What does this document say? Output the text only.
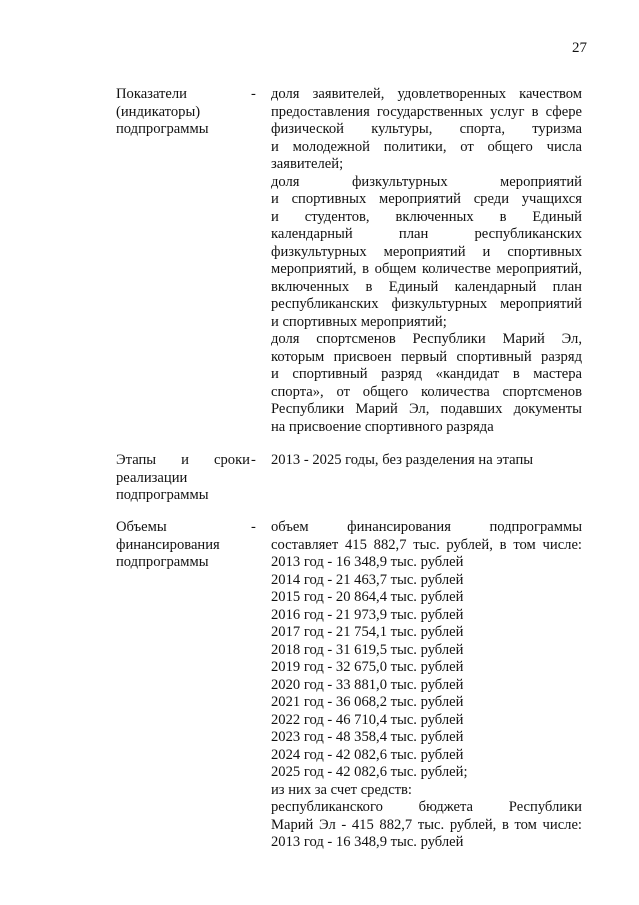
27
Показатели
(индикаторы)
подпрограммы
- доля заявителей, удовлетворенных качеством
предоставления государственных услуг в сфере
физической культуры, спорта, туризма
и молодежной политики, от общего числа
заявителей;
доля физкультурных мероприятий
и спортивных мероприятий среди учащихся
и студентов, включенных в Единый
календарный план республиканских
физкультурных мероприятий и спортивных
мероприятий, в общем количестве мероприятий,
включенных в Единый календарный план
республиканских физкультурных мероприятий
и спортивных мероприятий;
доля спортсменов Республики Марий Эл,
которым присвоен первый спортивный разряд
и спортивный разряд «кандидат в мастера
спорта», от общего количества спортсменов
Республики Марий Эл, подавших документы
на присвоение спортивного разряда
Этапы и сроки
реализации
подпрограммы
- 2013 - 2025 годы, без разделения на этапы
Объемы
финансирования
подпрограммы
- объем финансирования подпрограммы
составляет 415 882,7 тыс. рублей, в том числе:
2013 год - 16 348,9 тыс. рублей
2014 год - 21 463,7 тыс. рублей
2015 год - 20 864,4 тыс. рублей
2016 год - 21 973,9 тыс. рублей
2017 год - 21 754,1 тыс. рублей
2018 год - 31 619,5 тыс. рублей
2019 год - 32 675,0 тыс. рублей
2020 год - 33 881,0 тыс. рублей
2021 год - 36 068,2 тыс. рублей
2022 год - 46 710,4 тыс. рублей
2023 год - 48 358,4 тыс. рублей
2024 год - 42 082,6 тыс. рублей
2025 год - 42 082,6 тыс. рублей;
из них за счет средств:
республиканского бюджета Республики
Марий Эл - 415 882,7 тыс. рублей, в том числе:
2013 год - 16 348,9 тыс. рублей
